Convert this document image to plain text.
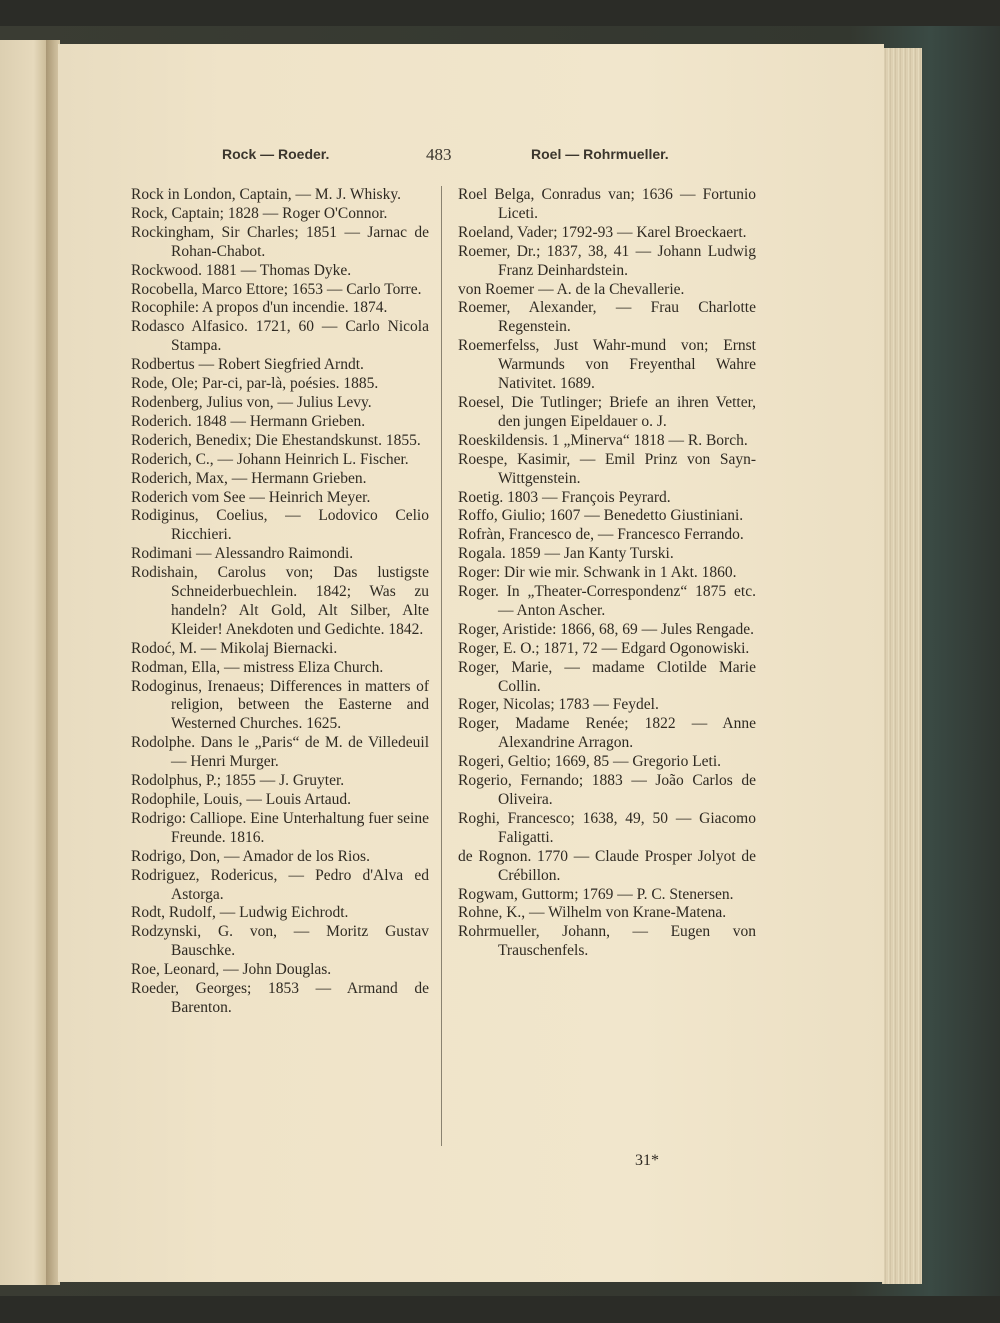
Rock — Roeder.	483	Roel — Rohrmueller.

Rock in London, Captain, — M. J. Whisky.

Rock, Captain; 1828 — Roger O'Connor.

Rockingham, Sir Charles; 1851 — Jarnac de Rohan-Chabot.

Rockwood. 1881 — Thomas Dyke.

Rocobella, Marco Ettore; 1653 — Carlo Torre.

Rocophile: A propos d'un incendie. 1874.

Rodasco Alfasico. 1721, 60 — Carlo Nicola Stampa.

Rodbertus — Robert Siegfried Arndt.

Rode, Ole; Par-ci, par-là, poésies. 1885.

Rodenberg, Julius von, — Julius Levy.

Roderich. 1848 — Hermann Grieben.

Roderich, Benedix; Die Ehestandskunst. 1855.

Roderich, C., — Johann Heinrich L. Fischer.

Roderich, Max, — Hermann Grieben.

Roderich vom See — Heinrich Meyer.

Rodiginus, Coelius, — Lodovico Celio Ricchieri.

Rodimani — Alessandro Raimondi.

Rodishain, Carolus von; Das lustigste Schneiderbuechlein. 1842; Was zu handeln? Alt Gold, Alt Silber, Alte Kleider! Anekdoten und Gedichte. 1842.

Rodoć, M. — Mikolaj Biernacki.

Rodman, Ella, — mistress Eliza Church.

Rodoginus, Irenaeus; Differences in matters of religion, between the Easterne and Westerned Churches. 1625.

Rodolphe. Dans le „Paris“ de M. de Villedeuil — Henri Murger.

Rodolphus, P.; 1855 — J. Gruyter.

Rodophile, Louis, — Louis Artaud.

Rodrigo: Calliope. Eine Unterhaltung fuer seine Freunde. 1816.

Rodrigo, Don, — Amador de los Rios.

Rodriguez, Rodericus, — Pedro d'Alva ed Astorga.

Rodt, Rudolf, — Ludwig Eichrodt.

Rodzynski, G. von, — Moritz Gustav Bauschke.

Roe, Leonard, — John Douglas.

Roeder, Georges; 1853 — Armand de Barenton.

Roel Belga, Conradus van; 1636 — Fortunio Liceti.

Roeland, Vader; 1792-93 — Karel Broeckaert.

Roemer, Dr.; 1837, 38, 41 — Johann Ludwig Franz Deinhardstein.

von Roemer — A. de la Chevallerie.

Roemer, Alexander, — Frau Charlotte Regenstein.

Roemerfelss, Just Wahr-mund von; Ernst Warmunds von Freyenthal Wahre Nativitet. 1689.

Roesel, Die Tutlinger; Briefe an ihren Vetter, den jungen Eipeldauer o. J.

Roeskildensis. 1 „Minerva“ 1818 — R. Borch.

Roespe, Kasimir, — Emil Prinz von Sayn-Wittgenstein.

Roetig. 1803 — François Peyrard.

Roffo, Giulio; 1607 — Benedetto Giustiniani.

Rofràn, Francesco de, — Francesco Ferrando.

Rogala. 1859 — Jan Kanty Turski.

Roger: Dir wie mir. Schwank in 1 Akt. 1860.

Roger. In „Theater-Correspondenz“ 1875 etc. — Anton Ascher.

Roger, Aristide: 1866, 68, 69 — Jules Rengade.

Roger, E. O.; 1871, 72 — Edgard Ogonowiski.

Roger, Marie, — madame Clotilde Marie Collin.

Roger, Nicolas; 1783 — Feydel.

Roger, Madame Renée; 1822 — Anne Alexandrine Arragon.

Rogeri, Geltio; 1669, 85 — Gregorio Leti.

Rogerio, Fernando; 1883 — João Carlos de Oliveira.

Roghi, Francesco; 1638, 49, 50 — Giacomo Faligatti.

de Rognon. 1770 — Claude Prosper Jolyot de Crébillon.

Rogwam, Guttorm; 1769 — P. C. Stenersen.

Rohne, K., — Wilhelm von Krane-Matena.

Rohrmueller, Johann, — Eugen von Trauschenfels.

31*
